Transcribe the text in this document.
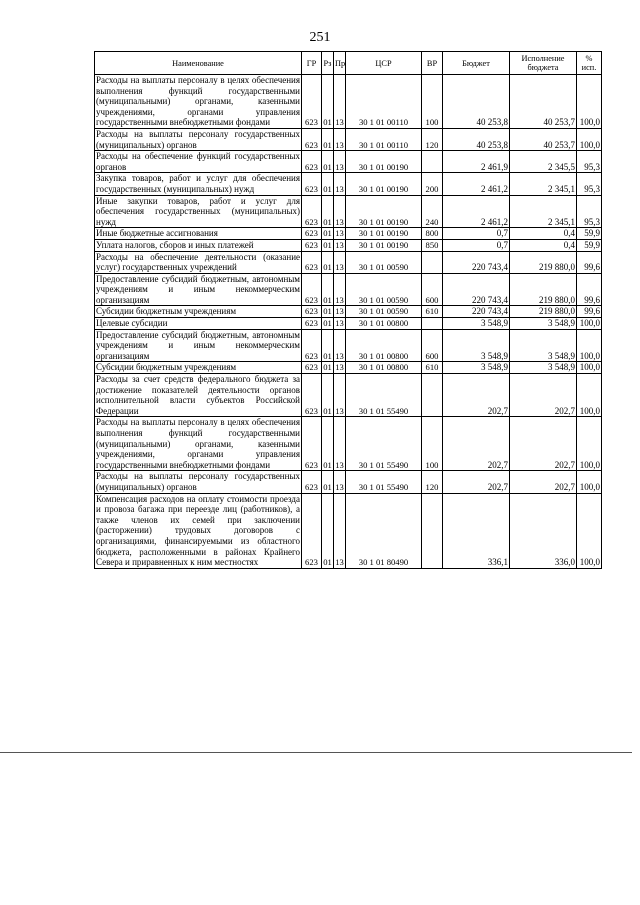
251
Наименование	ГР	Рз	Пр	ЦСР	ВР	Бюджет	Исполнение бюджета	% исп.
Расходы на выплаты персоналу в целях обеспечения выполнения функций государственными (муниципальными) органами, казенными учреждениями, органами управления государственными внебюджетными фондами	623	01	13	30 1 01 00110	100	40 253,8	40 253,7	100,0
Расходы на выплаты персоналу государственных (муниципальных) органов	623	01	13	30 1 01 00110	120	40 253,8	40 253,7	100,0
Расходы на обеспечение функций государственных органов	623	01	13	30 1 01 00190		2 461,9	2 345,5	95,3
Закупка товаров, работ и услуг для обеспечения государственных (муниципальных) нужд	623	01	13	30 1 01 00190	200	2 461,2	2 345,1	95,3
Иные закупки товаров, работ и услуг для обеспечения государственных (муниципальных) нужд	623	01	13	30 1 01 00190	240	2 461,2	2 345,1	95,3
Иные бюджетные ассигнования	623	01	13	30 1 01 00190	800	0,7	0,4	59,9
Уплата налогов, сборов и иных платежей	623	01	13	30 1 01 00190	850	0,7	0,4	59,9
Расходы на обеспечение деятельности (оказание услуг) государственных учреждений	623	01	13	30 1 01 00590		220 743,4	219 880,0	99,6
Предоставление субсидий бюджетным, автономным учреждениям и иным некоммерческим организациям	623	01	13	30 1 01 00590	600	220 743,4	219 880,0	99,6
Субсидии бюджетным учреждениям	623	01	13	30 1 01 00590	610	220 743,4	219 880,0	99,6
Целевые субсидии	623	01	13	30 1 01 00800		3 548,9	3 548,9	100,0
Предоставление субсидий бюджетным, автономным учреждениям и иным некоммерческим организациям	623	01	13	30 1 01 00800	600	3 548,9	3 548,9	100,0
Субсидии бюджетным учреждениям	623	01	13	30 1 01 00800	610	3 548,9	3 548,9	100,0
Расходы за счет средств федерального бюджета за достижение показателей деятельности органов исполнительной власти субъектов Российской Федерации	623	01	13	30 1 01 55490		202,7	202,7	100,0
Расходы на выплаты персоналу в целях обеспечения выполнения функций государственными (муниципальными) органами, казенными учреждениями, органами управления государственными внебюджетными фондами	623	01	13	30 1 01 55490	100	202,7	202,7	100,0
Расходы на выплаты персоналу государственных (муниципальных) органов	623	01	13	30 1 01 55490	120	202,7	202,7	100,0
Компенсация расходов на оплату стоимости проезда и провоза багажа при переезде лиц (работников), а также членов их семей при заключении (расторжении) трудовых договоров с организациями, финансируемыми из областного бюджета, расположенными в районах Крайнего Севера и приравненных к ним местностях	623	01	13	30 1 01 80490		336,1	336,0	100,0
